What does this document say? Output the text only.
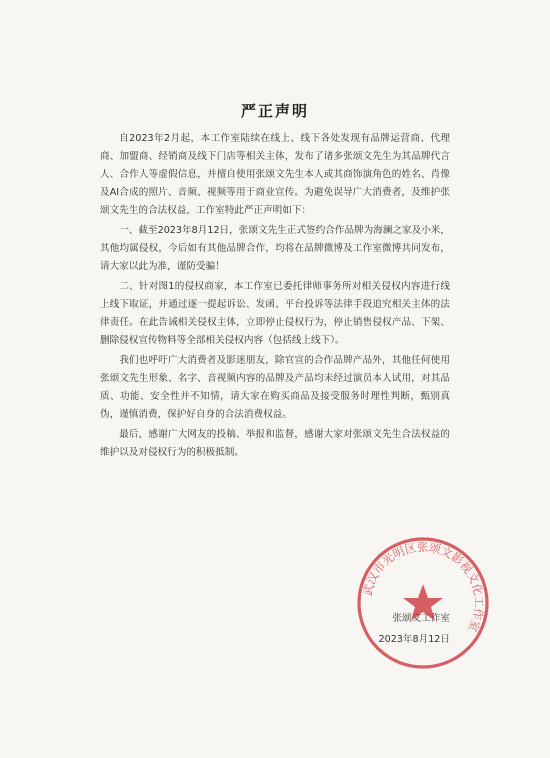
严正声明

自2023年2月起，本工作室陆续在线上、线下各处发现有品牌运营商、代理商、加盟商、经销商及线下门店等相关主体，发布了诸多张颂文先生为其品牌代言人、合作人等虚假信息，并擅自使用张颂文先生本人或其商饰演角色的姓名、肖像及AI合成的照片、音频、视频等用于商业宣传。为避免误导广大消费者，及维护张颂文先生的合法权益，工作室特此严正声明如下：

一、截至2023年8月12日，张颂文先生正式签约合作品牌为海澜之家及小米，其他均属侵权，今后如有其他品牌合作，均将在品牌微博及工作室微博共同发布，请大家以此为准，谨防受骗！

二、针对图1的侵权商家，本工作室已委托律师事务所对相关侵权内容进行线上线下取证，并通过逐一提起诉讼、发函、平台投诉等法律手段追究相关主体的法律责任。在此告诫相关侵权主体，立即停止侵权行为，停止销售侵权产品、下架、删除侵权宣传物料等全部相关侵权内容（包括线上线下）。

我们也呼吁广大消费者及影迷朋友，除官宣的合作品牌产品外，其他任何使用张颂文先生形象、名字、音视频内容的品牌及产品均未经过演员本人试用，对其品质、功能、安全性并不知情，请大家在购买商品及接受服务时理性判断，甄别真伪，谨慎消费，保护好自身的合法消费权益。

最后，感谢广大网友的投稿、举报和监督，感谢大家对张颂文先生合法权益的维护以及对侵权行为的积极抵制。

张颂文工作室
2023年8月12日
武汉市光明区张颂文影视文化工作室
